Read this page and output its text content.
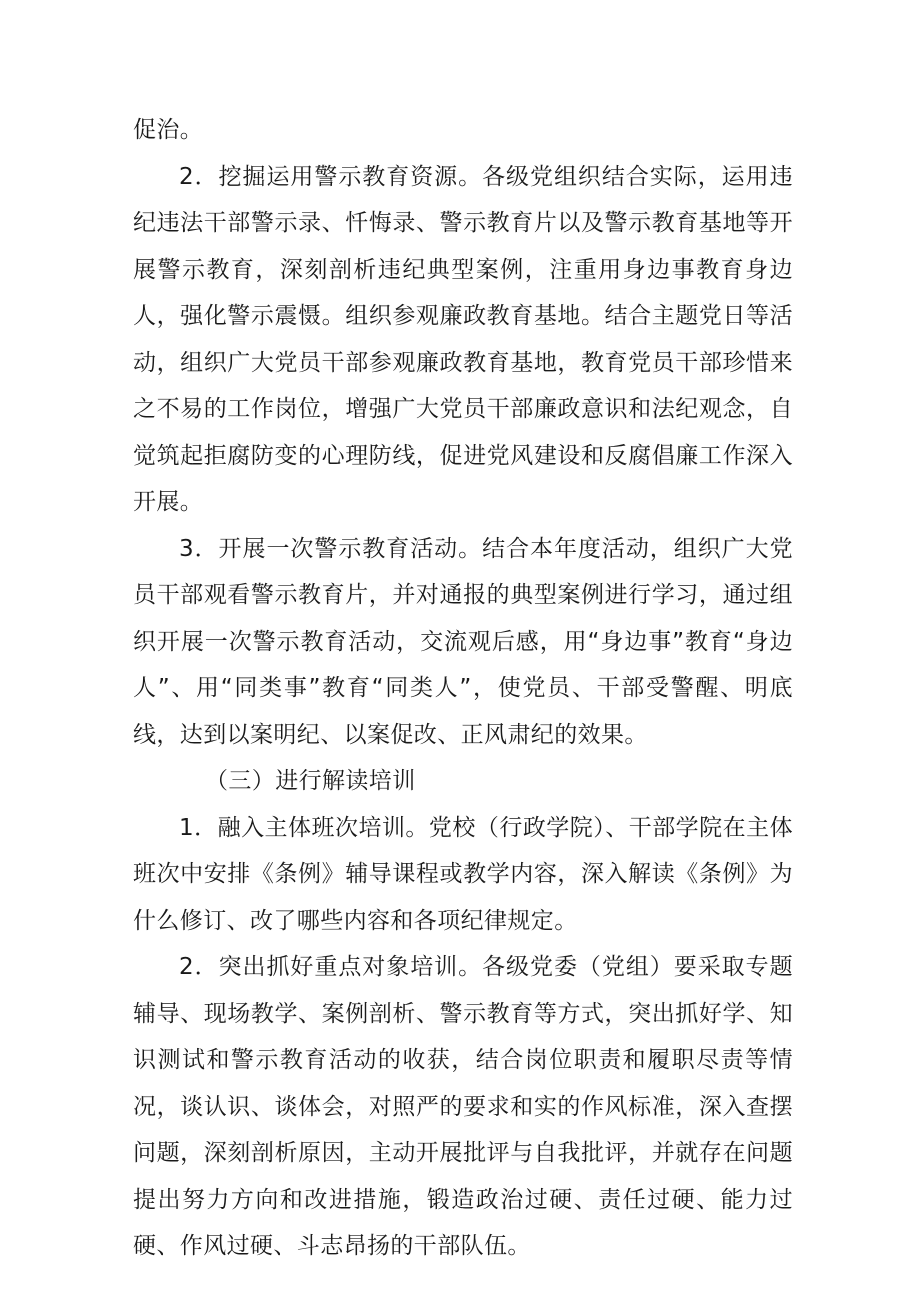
促治。

2．挖掘运用警示教育资源。各级党组织结合实际，运用违纪违法干部警示录、忏悔录、警示教育片以及警示教育基地等开展警示教育，深刻剖析违纪典型案例，注重用身边事教育身边人，强化警示震慑。组织参观廉政教育基地。结合主题党日等活动，组织广大党员干部参观廉政教育基地，教育党员干部珍惜来之不易的工作岗位，增强广大党员干部廉政意识和法纪观念，自觉筑起拒腐防变的心理防线，促进党风建设和反腐倡廉工作深入开展。

3．开展一次警示教育活动。结合本年度活动，组织广大党员干部观看警示教育片，并对通报的典型案例进行学习，通过组织开展一次警示教育活动，交流观后感，用“身边事”教育“身边人”、用“同类事”教育“同类人”，使党员、干部受警醒、明底线，达到以案明纪、以案促改、正风肃纪的效果。

（三）进行解读培训

1．融入主体班次培训。党校（行政学院）、干部学院在主体班次中安排《条例》辅导课程或教学内容，深入解读《条例》为什么修订、改了哪些内容和各项纪律规定。

2．突出抓好重点对象培训。各级党委（党组）要采取专题辅导、现场教学、案例剖析、警示教育等方式，突出抓好学、知识测试和警示教育活动的收获，结合岗位职责和履职尽责等情况，谈认识、谈体会，对照严的要求和实的作风标准，深入查摆问题，深刻剖析原因，主动开展批评与自我批评，并就存在问题提出努力方向和改进措施，锻造政治过硬、责任过硬、能力过硬、作风过硬、斗志昂扬的干部队伍。
